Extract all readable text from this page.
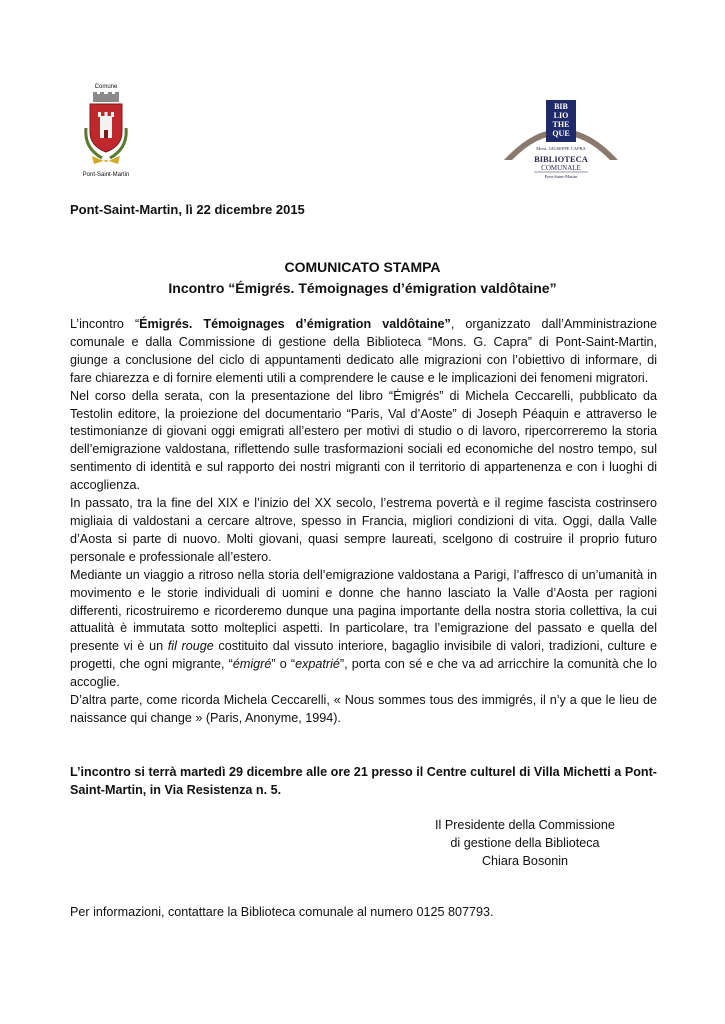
Comune
Pont-Saint-Martin
BIB
LIO
THE
QUE
Mons. GIUSEPPE CAPRA
BIBLIOTECA
COMUNALE
Pont-Saint-Martin
Pont-Saint-Martin, lì 22 dicembre 2015
COMUNICATO STAMPA
Incontro “Émigrés. Témoignages d’émigration valdôtaine”

L’incontro “Émigrés. Témoignages d’émigration valdôtaine”, organizzato dall’Amministrazione comunale e dalla Commissione di gestione della Biblioteca “Mons. G. Capra” di Pont-Saint-Martin, giunge a conclusione del ciclo di appuntamenti dedicato alle migrazioni con l’obiettivo di informare, di fare chiarezza e di fornire elementi utili a comprendere le cause e le implicazioni dei fenomeni migratori.

Nel corso della serata, con la presentazione del libro “Émigrés” di Michela Ceccarelli, pubblicato da Testolin editore, la proiezione del documentario “Paris, Val d’Aoste” di Joseph Péaquin e attraverso le testimonianze di giovani oggi emigrati all’estero per motivi di studio o di lavoro, ripercorreremo la storia dell’emigrazione valdostana, riflettendo sulle trasformazioni sociali ed economiche del nostro tempo, sul sentimento di identità e sul rapporto dei nostri migranti con il territorio di appartenenza e con i luoghi di accoglienza.

In passato, tra la fine del XIX e l’inizio del XX secolo, l’estrema povertà e il regime fascista costrinsero migliaia di valdostani a cercare altrove, spesso in Francia, migliori condizioni di vita. Oggi, dalla Valle d’Aosta si parte di nuovo. Molti giovani, quasi sempre laureati, scelgono di costruire il proprio futuro personale e professionale all’estero.

Mediante un viaggio a ritroso nella storia dell’emigrazione valdostana a Parigi, l’affresco di un’umanità in movimento e le storie individuali di uomini e donne che hanno lasciato la Valle d’Aosta per ragioni differenti, ricostruiremo e ricorderemo dunque una pagina importante della nostra storia collettiva, la cui attualità è immutata sotto molteplici aspetti. In particolare, tra l’emigrazione del passato e quella del presente vi è un fil rouge costituito dal vissuto interiore, bagaglio invisibile di valori, tradizioni, culture e progetti, che ogni migrante, “émigré” o “expatrié”, porta con sé e che va ad arricchire la comunità che lo accoglie.

D’altra parte, come ricorda Michela Ceccarelli, « Nous sommes tous des immigrés, il n’y a que le lieu de naissance qui change » (Paris, Anonyme, 1994).

L’incontro si terrà martedì 29 dicembre alle ore 21 presso il Centre culturel di Villa Michetti a Pont-Saint-Martin, in Via Resistenza n. 5.

Il Presidente della Commissione
di gestione della Biblioteca
Chiara Bosonin
Per informazioni, contattare la Biblioteca comunale al numero 0125 807793.
